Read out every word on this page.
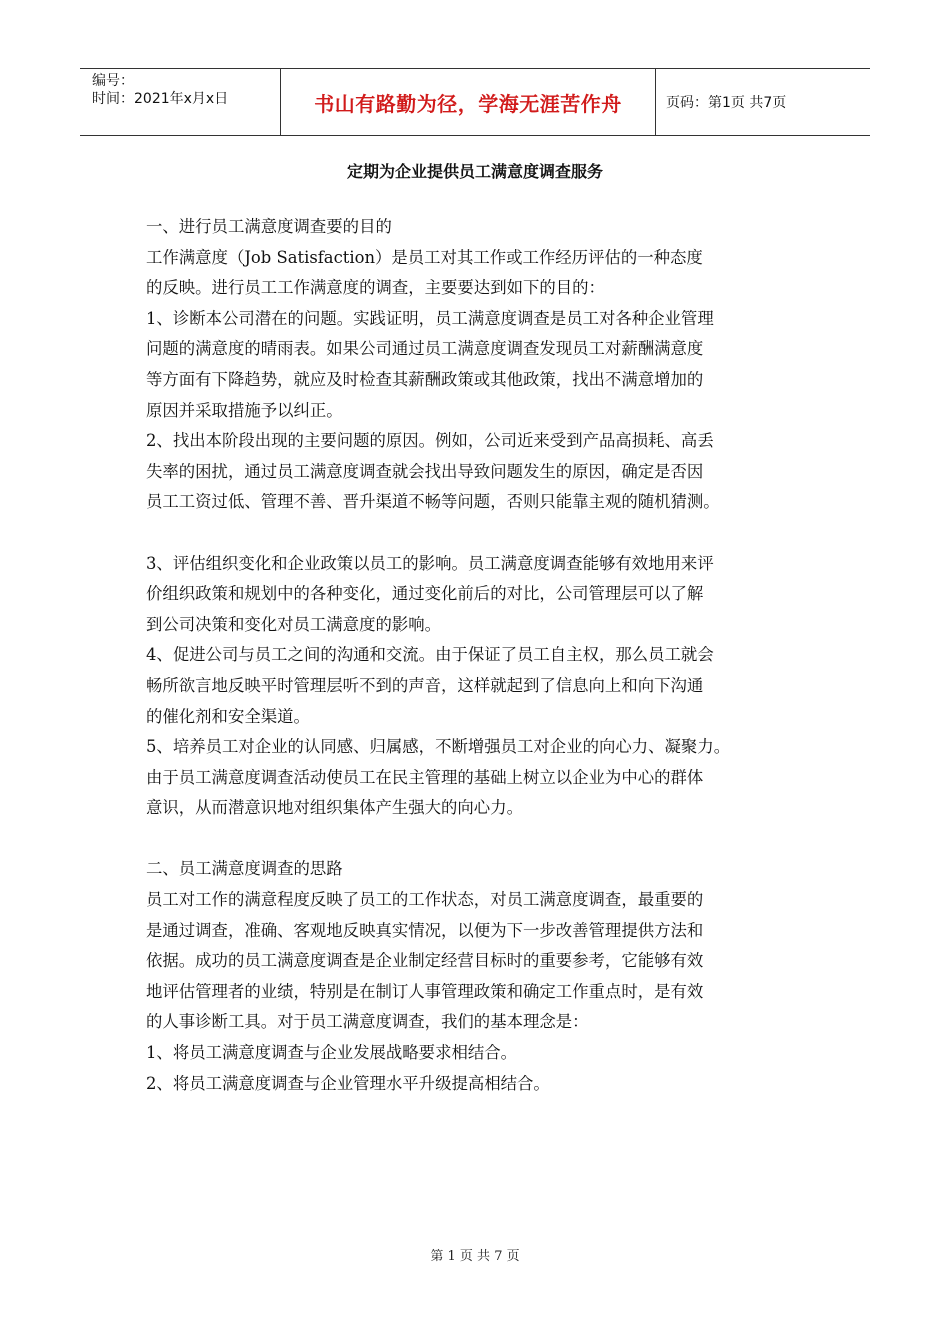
编号：
时间：2021年x月x日	书山有路勤为径，学海无涯苦作舟	页码：第1页 共7页
定期为企业提供员工满意度调查服务
一、进行员工满意度调查要的目的
工作满意度（Job Satisfaction）是员工对其工作或工作经历评估的一种态度
的反映。进行员工工作满意度的调查，主要要达到如下的目的：
1、诊断本公司潜在的问题。实践证明，员工满意度调查是员工对各种企业管理
问题的满意度的晴雨表。如果公司通过员工满意度调查发现员工对薪酬满意度
等方面有下降趋势，就应及时检查其薪酬政策或其他政策，找出不满意增加的
原因并采取措施予以纠正。
2、找出本阶段出现的主要问题的原因。例如，公司近来受到产品高损耗、高丢
失率的困扰，通过员工满意度调查就会找出导致问题发生的原因，确定是否因
员工工资过低、管理不善、晋升渠道不畅等问题，否则只能靠主观的随机猜测。
3、评估组织变化和企业政策以员工的影响。员工满意度调查能够有效地用来评
价组织政策和规划中的各种变化，通过变化前后的对比，公司管理层可以了解
到公司决策和变化对员工满意度的影响。
4、促进公司与员工之间的沟通和交流。由于保证了员工自主权，那么员工就会
畅所欲言地反映平时管理层听不到的声音，这样就起到了信息向上和向下沟通
的催化剂和安全渠道。
5、培养员工对企业的认同感、归属感，不断增强员工对企业的向心力、凝聚力。
由于员工满意度调查活动使员工在民主管理的基础上树立以企业为中心的群体
意识，从而潜意识地对组织集体产生强大的向心力。
二、员工满意度调查的思路
员工对工作的满意程度反映了员工的工作状态，对员工满意度调查，最重要的
是通过调查，准确、客观地反映真实情况，以便为下一步改善管理提供方法和
依据。成功的员工满意度调查是企业制定经营目标时的重要参考，它能够有效
地评估管理者的业绩，特别是在制订人事管理政策和确定工作重点时，是有效
的人事诊断工具。对于员工满意度调查，我们的基本理念是：
1、将员工满意度调查与企业发展战略要求相结合。
2、将员工满意度调查与企业管理水平升级提高相结合。
第 1 页 共 7 页
